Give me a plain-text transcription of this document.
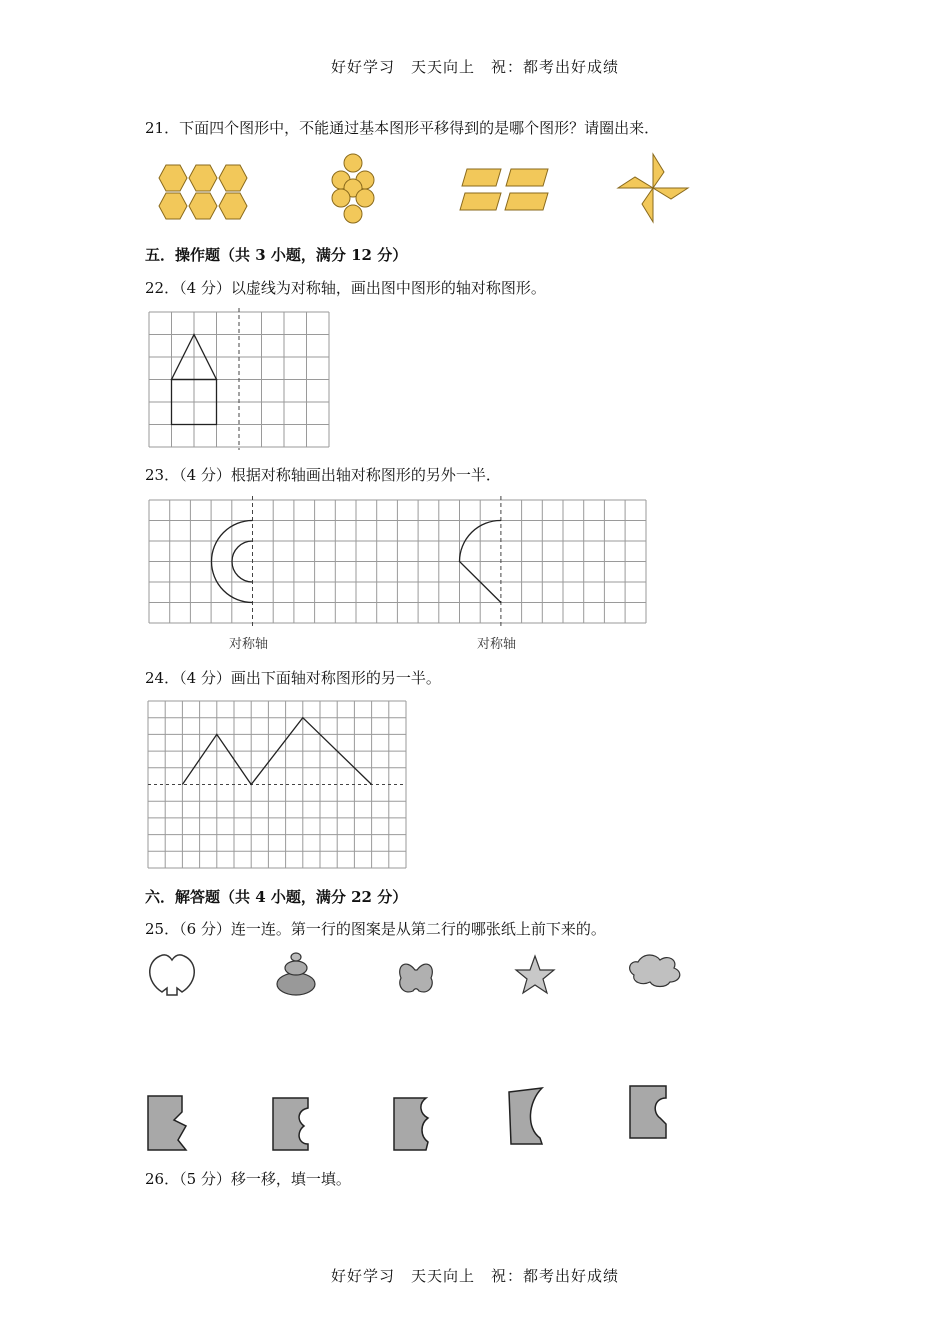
好好学习　天天向上　祝：都考出好成绩
21．下面四个图形中，不能通过基本图形平移得到的是哪个图形？请圈出来．
五．操作题（共 3 小题，满分 12 分）
22．（4 分）以虚线为对称轴，画出图中图形的轴对称图形。
23．（4 分）根据对称轴画出轴对称图形的另外一半．
对称轴	对称轴
24．（4 分）画出下面轴对称图形的另一半。
六．解答题（共 4 小题，满分 22 分）
25．（6 分）连一连。第一行的图案是从第二行的哪张纸上前下来的。
26．（5 分）移一移，填一填。
好好学习　天天向上　祝：都考出好成绩
